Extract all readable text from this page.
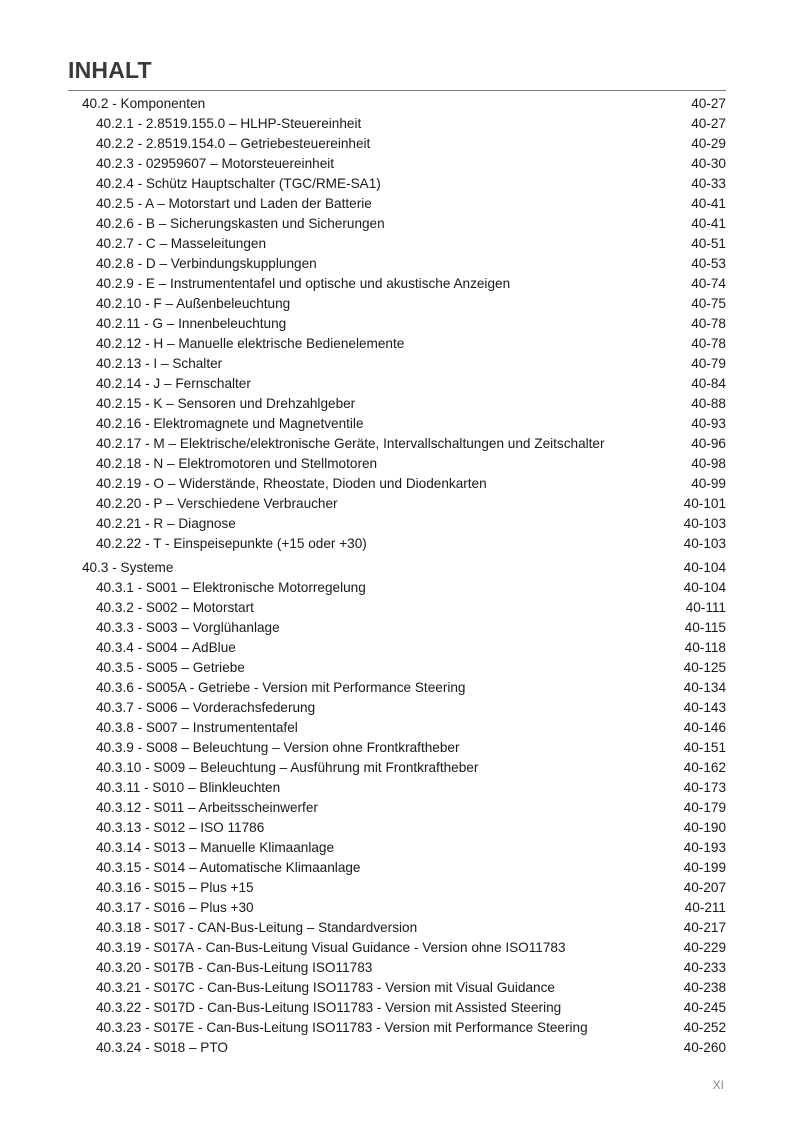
INHALT
40.2 - Komponenten	40-27
40.2.1 - 2.8519.155.0 – HLHP-Steuereinheit	40-27
40.2.2 - 2.8519.154.0 – Getriebesteuereinheit	40-29
40.2.3 - 02959607 – Motorsteuereinheit	40-30
40.2.4 - Schütz Hauptschalter (TGC/RME-SA1)	40-33
40.2.5 - A – Motorstart und Laden der Batterie	40-41
40.2.6 - B – Sicherungskasten und Sicherungen	40-41
40.2.7 - C – Masseleitungen	40-51
40.2.8 - D – Verbindungskupplungen	40-53
40.2.9 - E – Instrumententafel und optische und akustische Anzeigen	40-74
40.2.10 - F – Außenbeleuchtung	40-75
40.2.11 - G – Innenbeleuchtung	40-78
40.2.12 - H – Manuelle elektrische Bedienelemente	40-78
40.2.13 - I – Schalter	40-79
40.2.14 - J – Fernschalter	40-84
40.2.15 - K – Sensoren und Drehzahlgeber	40-88
40.2.16 - Elektromagnete und Magnetventile	40-93
40.2.17 - M – Elektrische/elektronische Geräte, Intervallschaltungen und Zeitschalter	40-96
40.2.18 - N – Elektromotoren und Stellmotoren	40-98
40.2.19 - O – Widerstände, Rheostate, Dioden und Diodenkarten	40-99
40.2.20 - P – Verschiedene Verbraucher	40-101
40.2.21 - R – Diagnose	40-103
40.2.22 - T - Einspeisepunkte (+15 oder +30)	40-103
40.3 - Systeme	40-104
40.3.1 - S001 – Elektronische Motorregelung	40-104
40.3.2 - S002 – Motorstart	40-111
40.3.3 - S003 – Vorglühanlage	40-115
40.3.4 - S004 – AdBlue	40-118
40.3.5 - S005 – Getriebe	40-125
40.3.6 - S005A - Getriebe - Version mit Performance Steering	40-134
40.3.7 - S006 – Vorderachsfederung	40-143
40.3.8 - S007 – Instrumententafel	40-146
40.3.9 - S008 – Beleuchtung – Version ohne Frontkraftheber	40-151
40.3.10 - S009 – Beleuchtung – Ausführung mit Frontkraftheber	40-162
40.3.11 - S010 – Blinkleuchten	40-173
40.3.12 - S011 – Arbeitsscheinwerfer	40-179
40.3.13 - S012 – ISO 11786	40-190
40.3.14 - S013 – Manuelle Klimaanlage	40-193
40.3.15 - S014 – Automatische Klimaanlage	40-199
40.3.16 - S015 – Plus +15	40-207
40.3.17 - S016 – Plus +30	40-211
40.3.18 - S017 - CAN-Bus-Leitung – Standardversion	40-217
40.3.19 - S017A - Can-Bus-Leitung Visual Guidance - Version ohne ISO11783	40-229
40.3.20 - S017B - Can-Bus-Leitung ISO11783	40-233
40.3.21 - S017C - Can-Bus-Leitung ISO11783 - Version mit Visual Guidance	40-238
40.3.22 - S017D - Can-Bus-Leitung ISO11783 - Version mit Assisted Steering	40-245
40.3.23 - S017E - Can-Bus-Leitung ISO11783 - Version mit Performance Steering	40-252
40.3.24 - S018 – PTO	40-260
XI
